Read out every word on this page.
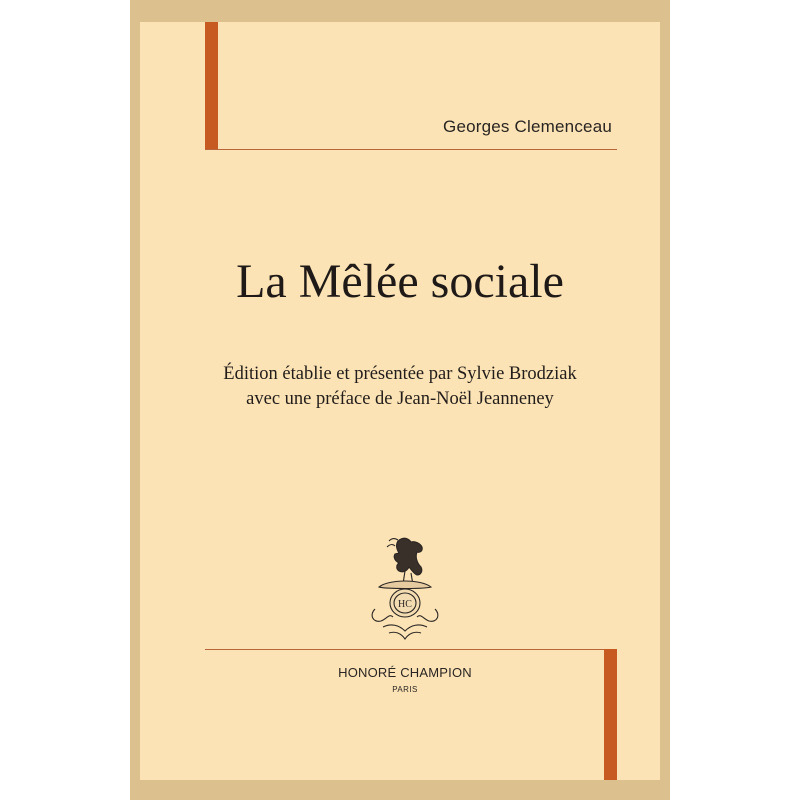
Georges Clemenceau
La Mêlée sociale
Édition établie et présentée par Sylvie Brodziak
avec une préface de Jean-Noël Jeanneney
HC
HONORÉ CHAMPION
PARIS
